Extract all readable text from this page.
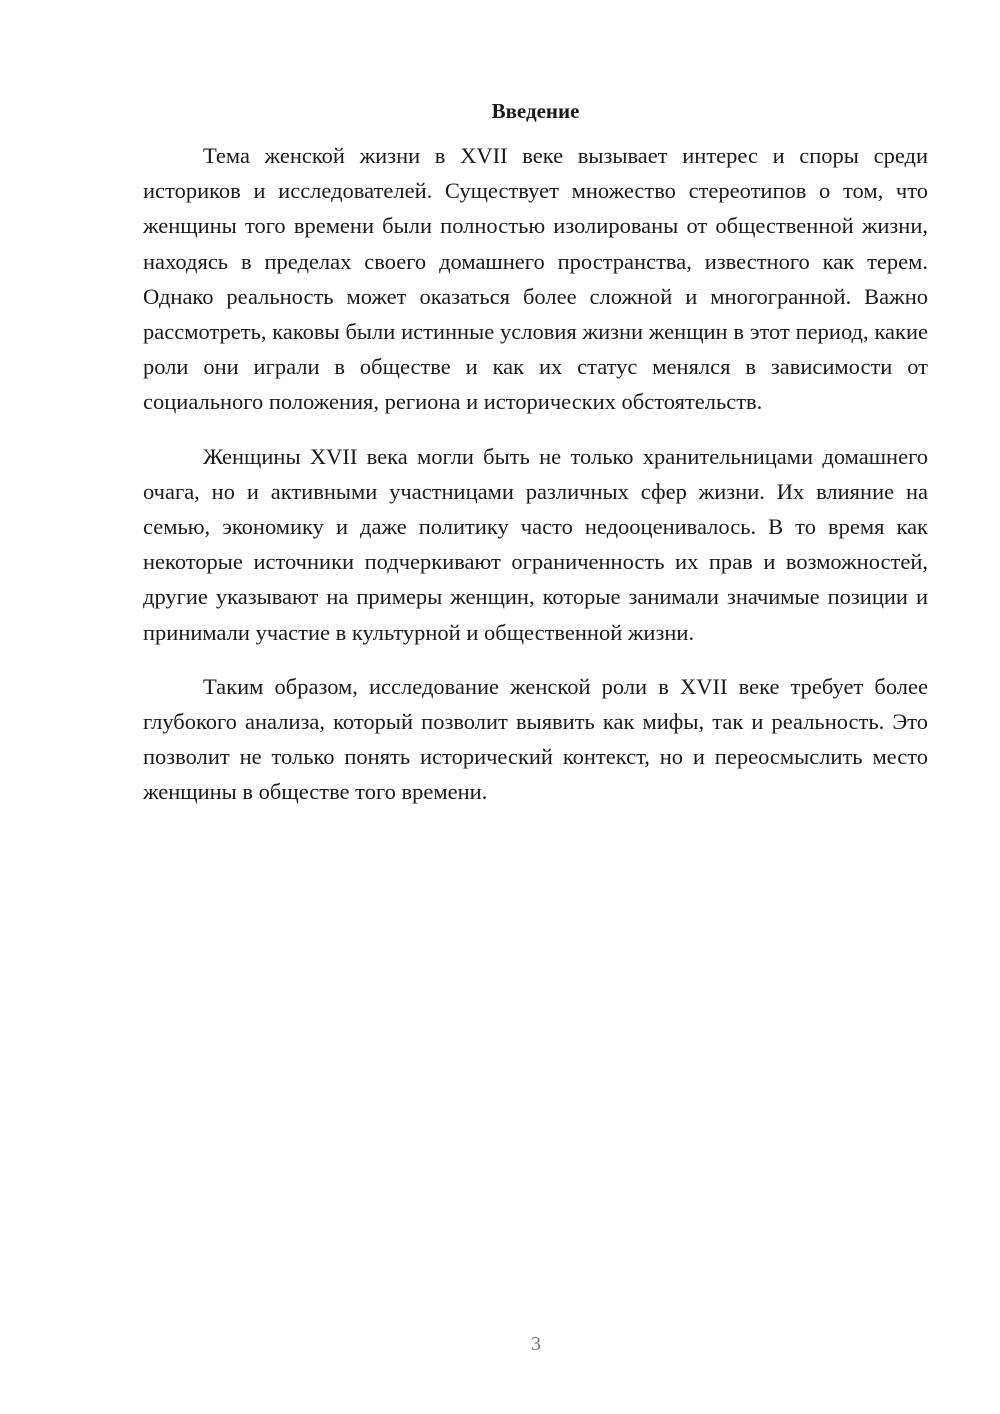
Введение

Тема женской жизни в XVII веке вызывает интерес и споры среди историков и исследователей. Существует множество стереотипов о том, что женщины того времени были полностью изолированы от общественной жизни, находясь в пределах своего домашнего пространства, известного как терем. Однако реальность может оказаться более сложной и многогранной. Важно рассмотреть, каковы были истинные условия жизни женщин в этот период, какие роли они играли в обществе и как их статус менялся в зависимости от социального положения, региона и исторических обстоятельств.

Женщины XVII века могли быть не только хранительницами домашнего очага, но и активными участницами различных сфер жизни. Их влияние на семью, экономику и даже политику часто недооценивалось. В то время как некоторые источники подчеркивают ограниченность их прав и возможностей, другие указывают на примеры женщин, которые занимали значимые позиции и принимали участие в культурной и общественной жизни.

Таким образом, исследование женской роли в XVII веке требует более глубокого анализа, который позволит выявить как мифы, так и реальность. Это позволит не только понять исторический контекст, но и переосмыслить место женщины в обществе того времени.

3
